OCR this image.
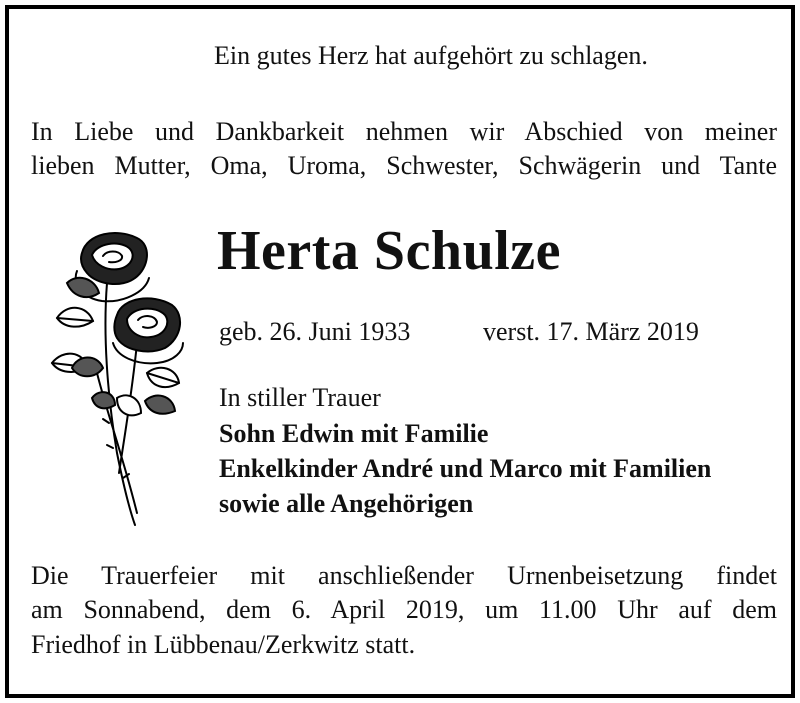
Ein gutes Herz hat aufgehört zu schlagen.
In Liebe und Dankbarkeit nehmen wir Abschied von meiner
lieben Mutter, Oma, Uroma, Schwester, Schwägerin und Tante
Herta Schulze
geb. 26. Juni 1933	verst. 17. März 2019
In stiller Trauer
Sohn Edwin mit Familie
Enkelkinder André und Marco mit Familien
sowie alle Angehörigen
Die Trauerfeier mit anschließender Urnenbeisetzung findet
am Sonnabend, dem 6. April 2019, um 11.00 Uhr auf dem
Friedhof in Lübbenau/Zerkwitz statt.
